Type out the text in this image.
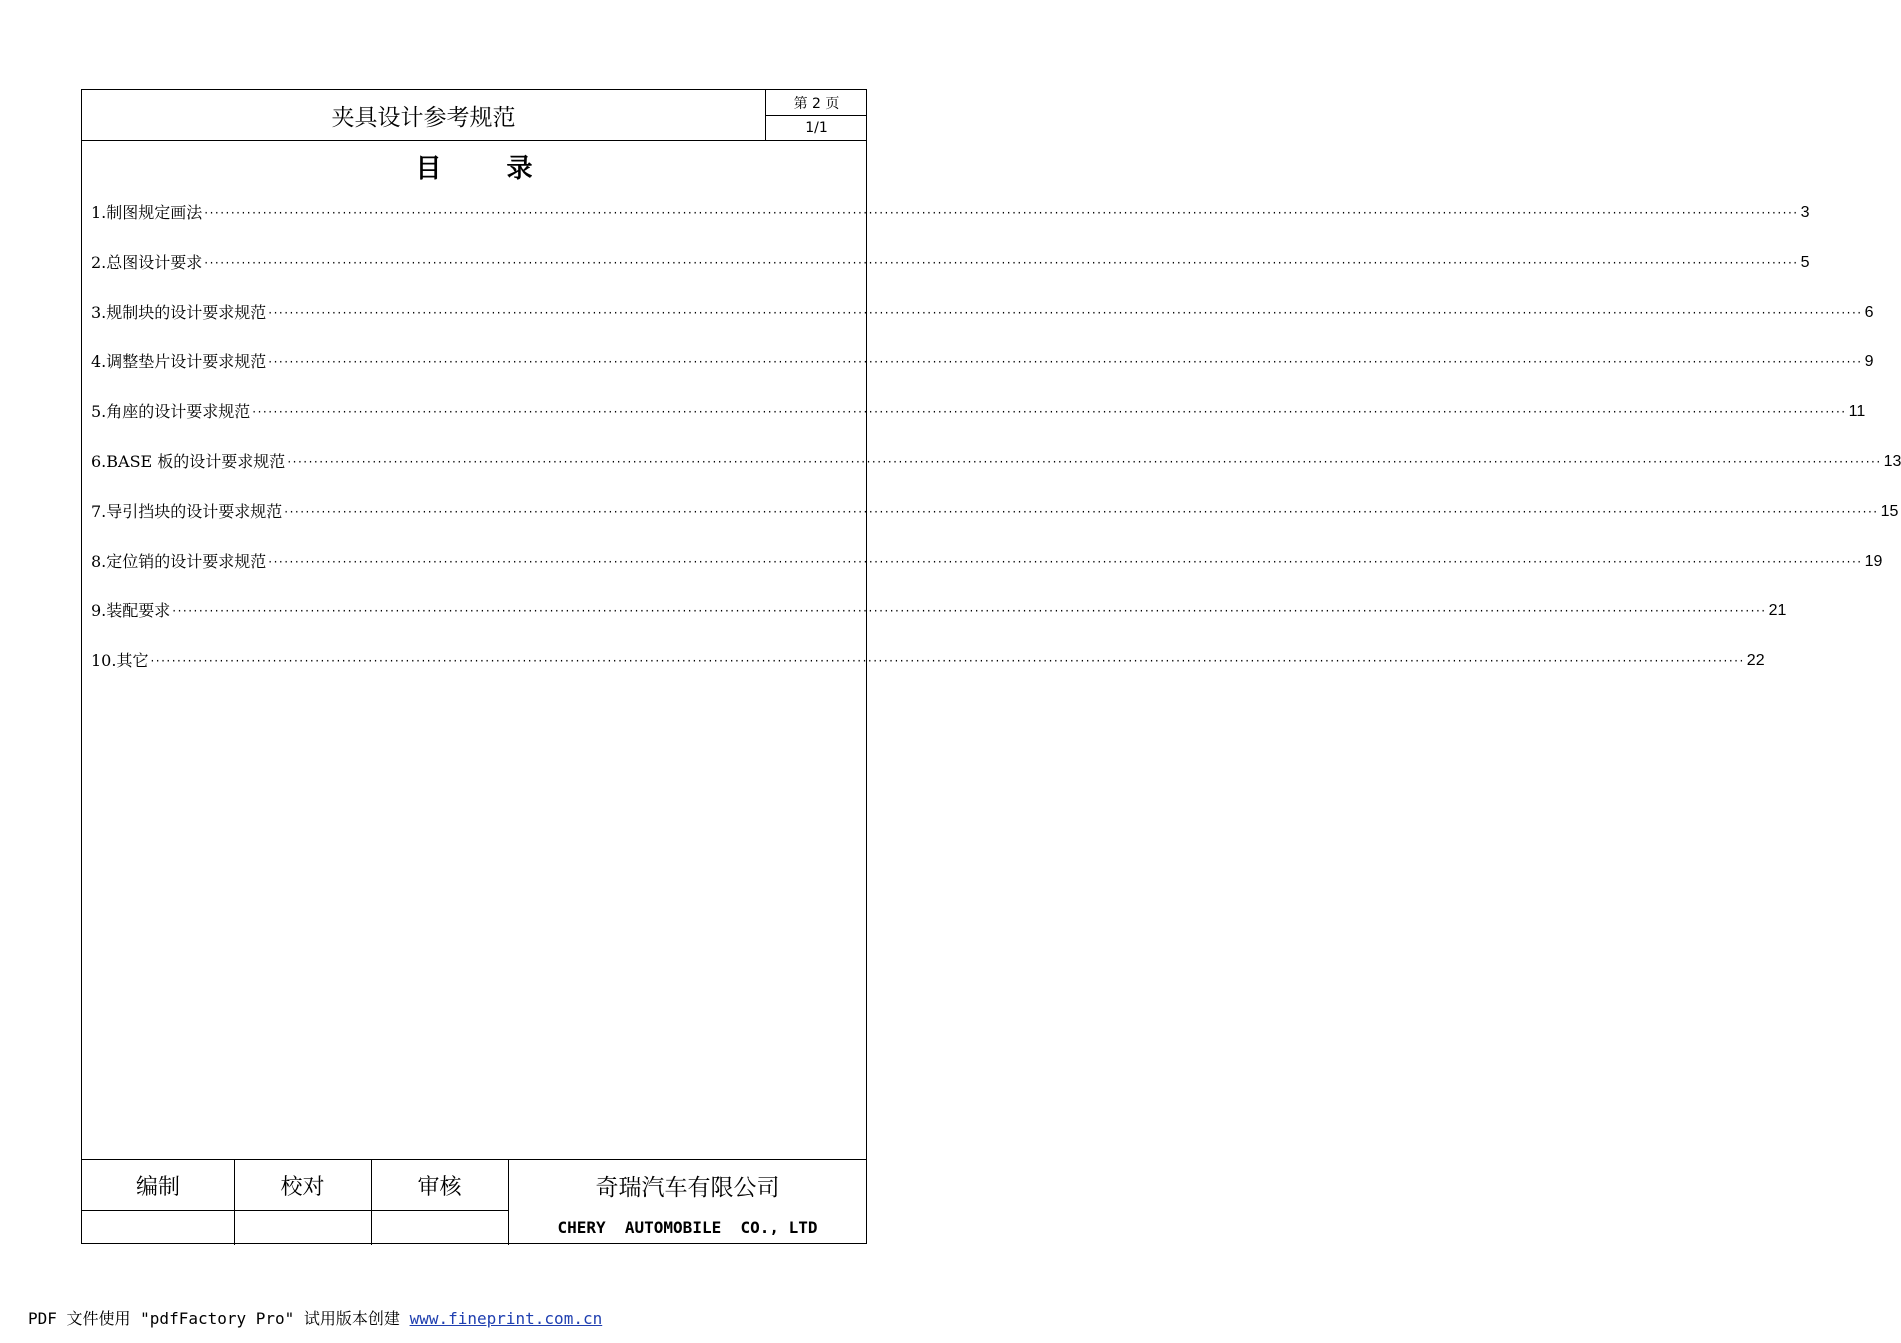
夹具设计参考规范
第 2 页
1/1
目 录
1.制图规定画法 ············································································································································································································································································································ 3
2.总图设计要求 ············································································································································································································································································································ 5
3.规制块的设计要求规范 ············································································································································································································································································································ 6
4.调整垫片设计要求规范 ············································································································································································································································································································ 9
5.角座的设计要求规范 ············································································································································································································································································································ 11
6.BASE 板的设计要求规范 ············································································································································································································································································································ 13
7.导引挡块的设计要求规范 ············································································································································································································································································································ 15
8.定位销的设计要求规范 ············································································································································································································································································································ 19
9.装配要求 ············································································································································································································································································································ 21
10.其它 ············································································································································································································································································································ 22
编制	校对	审核	奇瑞汽车有限公司
CHERY  AUTOMOBILE  CO., LTD
PDF 文件使用 "pdfFactory Pro" 试用版本创建 www.fineprint.com.cn
